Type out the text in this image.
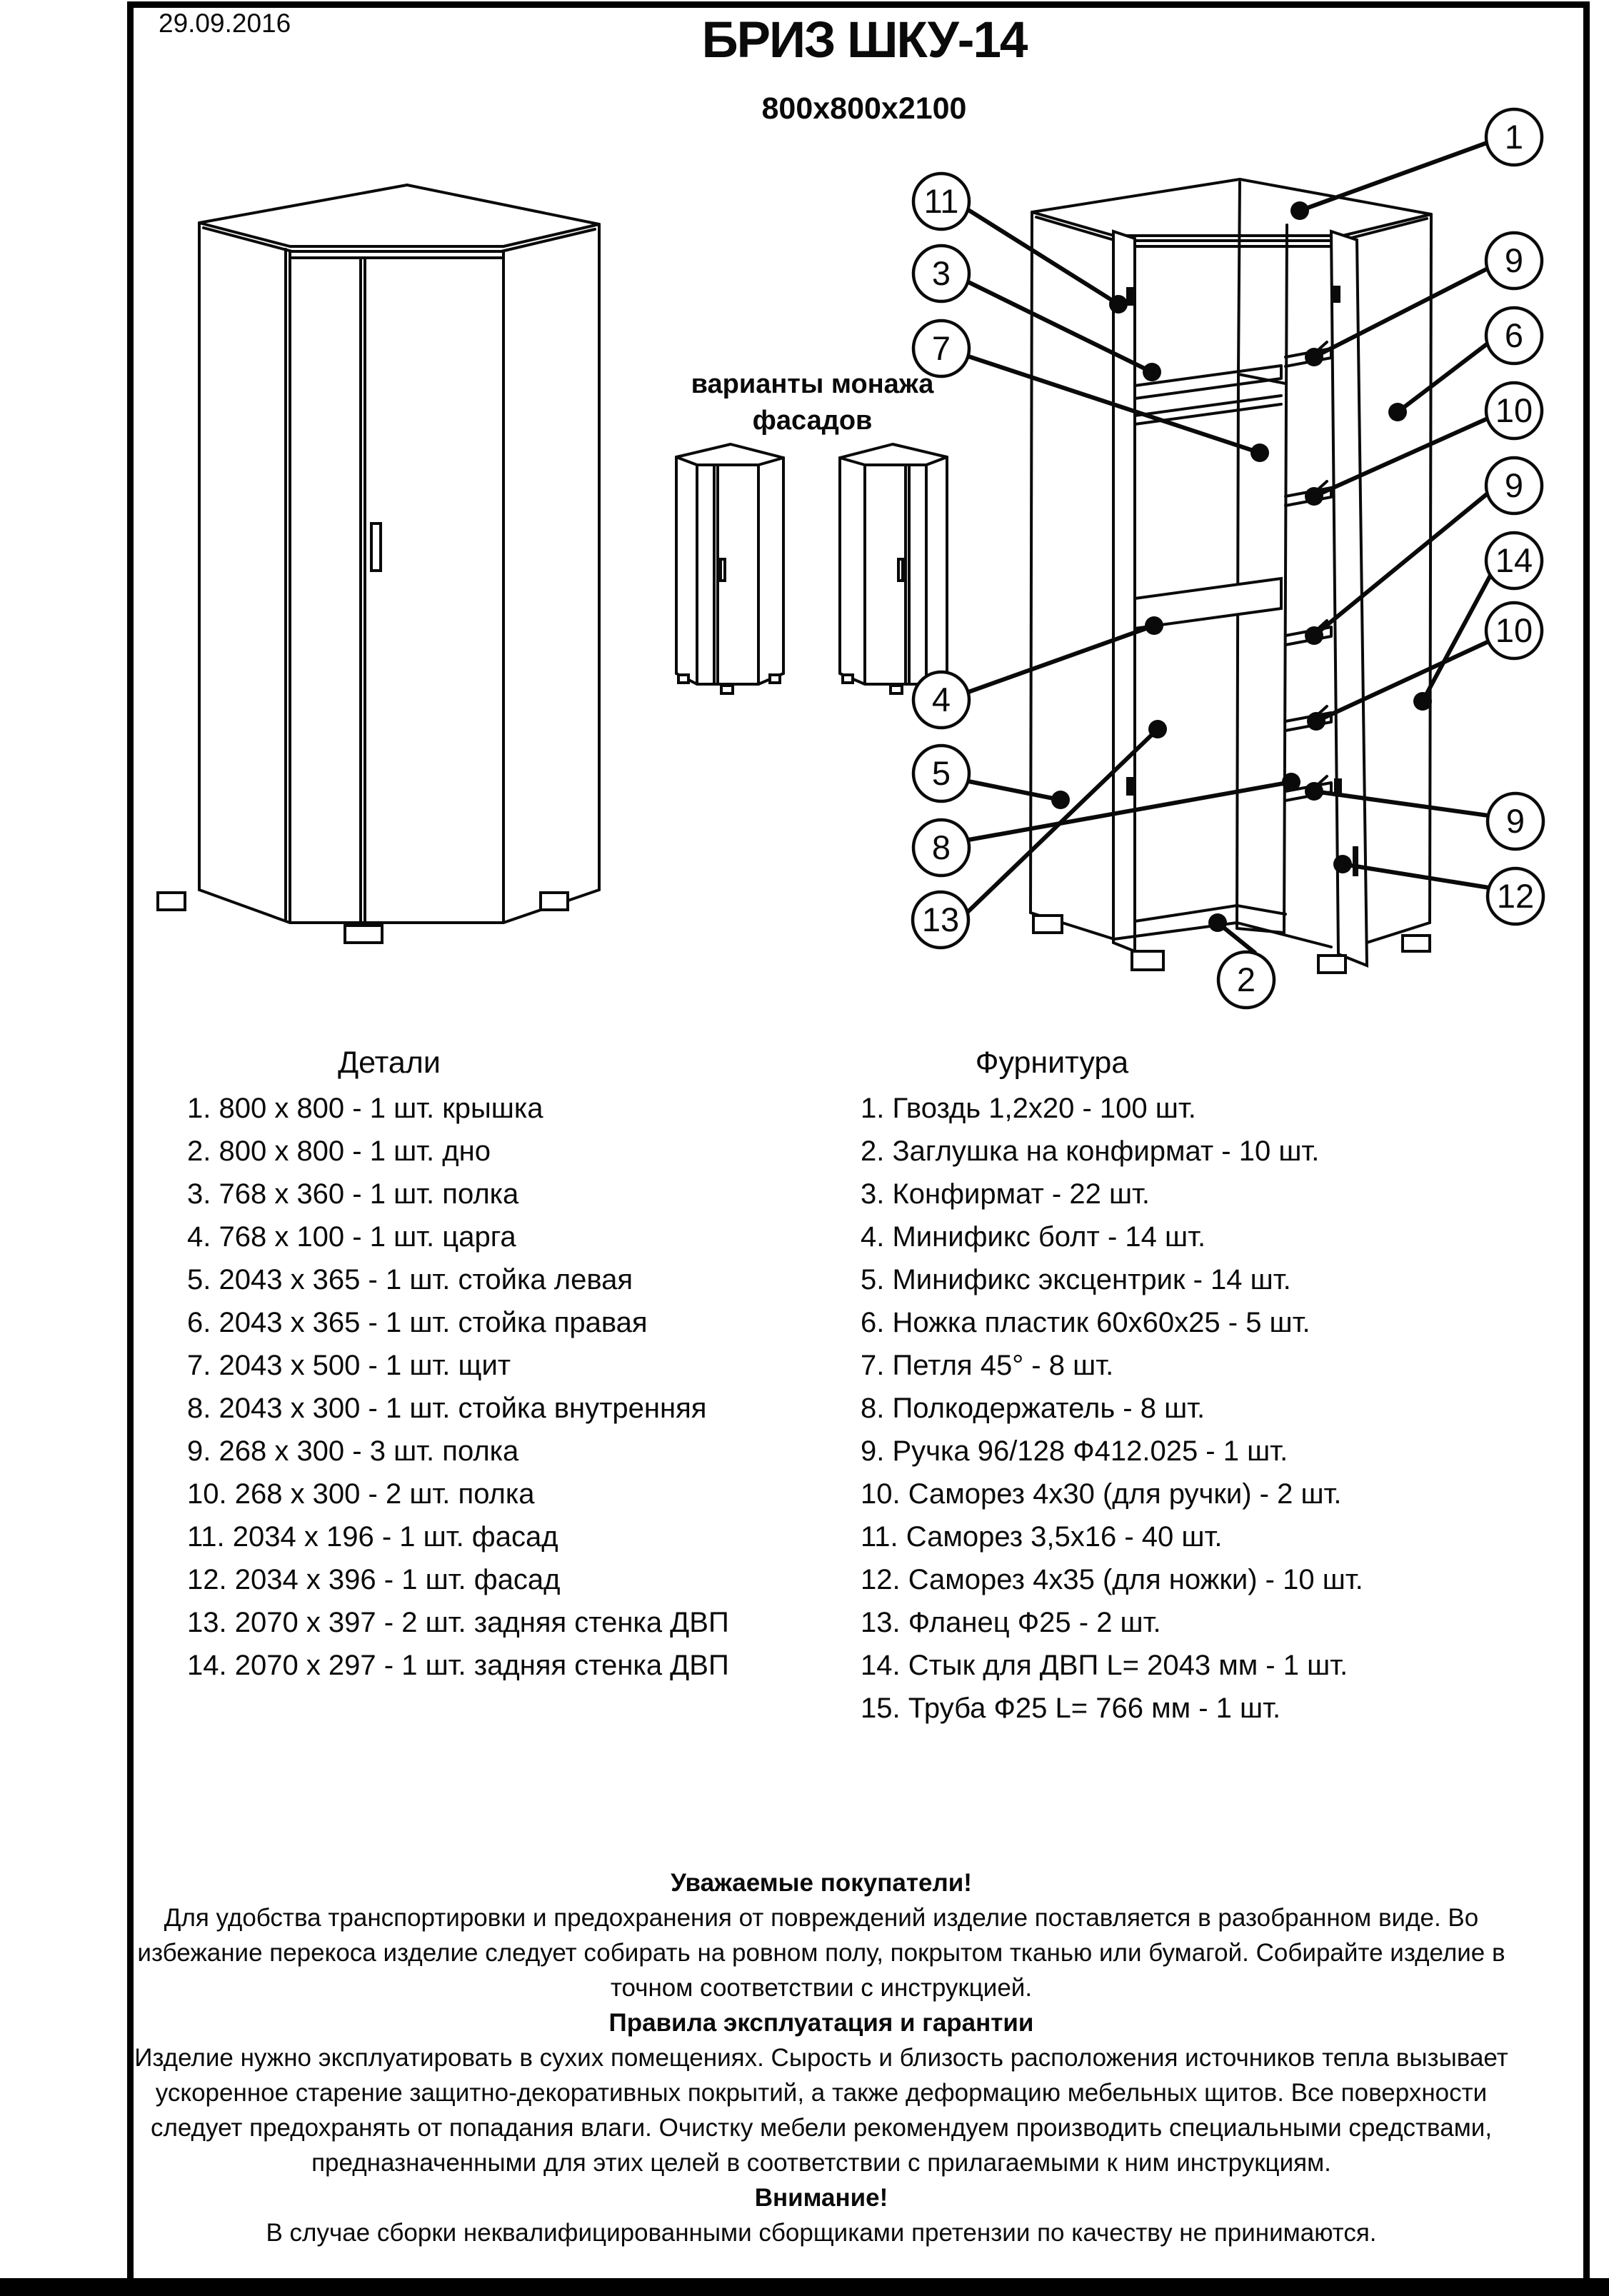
1
9
6
10
9
14
10
9
12
2
11
3
7
4
5
8
13
29.09.2016	БРИЗ ШКУ-14
800х800х2100
варианты монажа
фасадов
Детали
1. 800 х 800 - 1 шт. крышка
2. 800 х 800 - 1 шт. дно
3. 768 х 360 - 1 шт. полка
4. 768 х 100 - 1 шт. царга
5. 2043 х 365 - 1 шт. стойка левая
6. 2043 х 365 - 1 шт. стойка правая
7. 2043 х 500 - 1 шт. щит
8. 2043 х 300 - 1 шт. стойка внутренняя
9. 268 х 300 - 3 шт. полка
10. 268 х 300 - 2 шт. полка
11. 2034 х 196 - 1 шт. фасад
12. 2034 х 396 - 1 шт. фасад
13. 2070 х 397 - 2 шт. задняя стенка ДВП
14. 2070 х 297 - 1 шт. задняя стенка ДВП
Фурнитура
1. Гвоздь 1,2х20 - 100 шт.
2. Заглушка на конфирмат - 10 шт.
3. Конфирмат - 22 шт.
4. Минификс болт - 14 шт.
5. Минификс эксцентрик - 14 шт.
6. Ножка пластик 60х60х25 - 5 шт.
7. Петля 45° - 8 шт.
8. Полкодержатель - 8 шт.
9. Ручка 96/128 Ф412.025 - 1 шт.
10. Саморез 4х30 (для ручки) - 2 шт.
11. Саморез 3,5х16 - 40 шт.
12. Саморез 4х35 (для ножки) - 10 шт.
13. Фланец Ф25 - 2 шт.
14. Стык для ДВП L= 2043 мм - 1 шт.
15. Труба Ф25 L= 766 мм - 1 шт.

Уважаемые покупатели!

Для удобства транспортировки и предохранения от повреждений изделие поставляется в разобранном виде. Во избежание перекоса изделие следует собирать на ровном полу, покрытом тканью или бумагой. Собирайте изделие в точном соответствии с инструкцией.

Правила эксплуатация и гарантии

Изделие нужно эксплуатировать в сухих помещениях. Сырость и близость расположения источников тепла вызывает ускоренное старение защитно-декоративных покрытий, а также деформацию мебельных щитов. Все поверхности следует предохранять от попадания влаги. Очистку мебели рекомендуем производить специальными средствами, предназначенными для этих целей в соответствии с прилагаемыми к ним инструкциям.

Внимание!

В случае сборки неквалифицированными сборщиками претензии по качеству не принимаются.
